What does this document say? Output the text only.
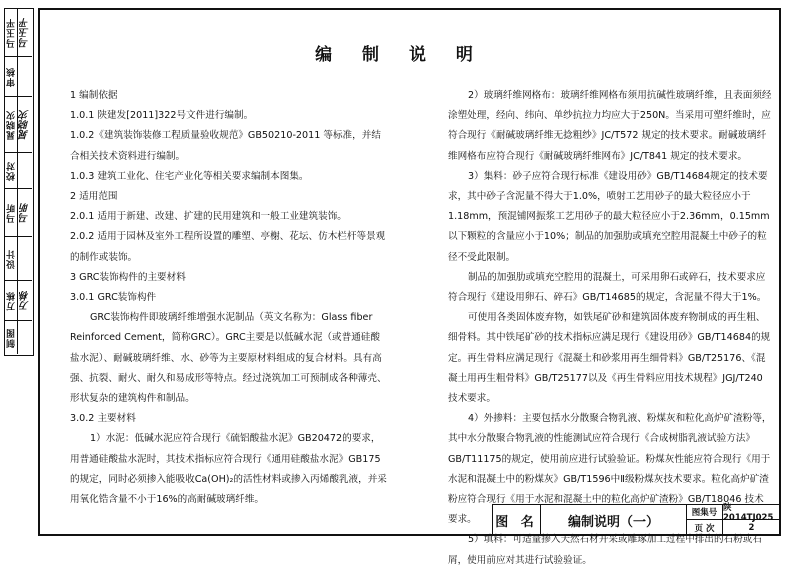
马玉平 马玉平
审核
晁晓灾 晁晓灾
校对
马昕 马昕
设计
万栋 万栋
制图
编 制 说 明

1 编制依据

1.0.1 陕建发[2011]322号文件进行编制。

1.0.2《建筑装饰装修工程质量验收规范》GB50210-2011 等标准，并结合相关技术资料进行编制。

1.0.3 建筑工业化、住宅产业化等相关要求编制本图集。

2 适用范围

2.0.1 适用于新建、改建、扩建的民用建筑和一般工业建筑装饰。

2.0.2 适用于园林及室外工程所设置的雕塑、亭榭、花坛、仿木栏杆等景观的制作或装饰。

3 GRC装饰构件的主要材料

3.0.1 GRC装饰构件

GRC装饰构件即玻璃纤维增强水泥制品（英文名称为：Glass fiber Reinforced Cement，简称GRC）。GRC主要是以低碱水泥（或普通硅酸盐水泥）、耐碱玻璃纤维、水、砂等为主要原材料组成的复合材料。具有高强、抗裂、耐火、耐久和易成形等特点。经过浇筑加工可预制成各种薄壳、形状复杂的建筑构件和制品。

3.0.2 主要材料

1）水泥：低碱水泥应符合现行《硫铝酸盐水泥》GB20472的要求，用普通硅酸盐水泥时，其技术指标应符合现行《通用硅酸盐水泥》GB175的规定，同时必须掺入能吸收Ca(OH)₂的活性材料或掺入丙烯酸乳液，并采用氧化锆含量不小于16%的高耐碱玻璃纤维。

2）玻璃纤维网格布：玻璃纤维网格布须用抗碱性玻璃纤维，且表面须经涂塑处理，经向、纬向、单纱抗拉力均应大于250N。当采用可塑纤维时，应符合现行《耐碱玻璃纤维无捻粗纱》JC/T572 规定的技术要求。耐碱玻璃纤维网格布应符合现行《耐碱玻璃纤维网布》JC/T841 规定的技术要求。

3）集料：砂子应符合现行标准《建设用砂》GB/T14684规定的技术要求，其中砂子含泥量不得大于1.0%，喷射工艺用砂子的最大粒径应小于1.18mm，预混铺网振浆工艺用砂子的最大粒径应小于2.36mm，0.15mm 以下颗粒的含量应小于10%；制品的加强肋或填充空腔用混凝土中砂子的粒径不受此限制。

制品的加强肋或填充空腔用的混凝土，可采用卵石或碎石，技术要求应符合现行《建设用卵石、碎石》GB/T14685的规定，含泥量不得大于1%。

可使用各类固体废弃物，如铁尾矿砂和建筑固体废弃物制成的再生粗、细骨料。其中铁尾矿砂的技术指标应满足现行《建设用砂》GB/T14684的规定。再生骨料应满足现行《混凝土和砂浆用再生细骨料》GB/T25176、《混凝土用再生粗骨料》GB/T25177以及《再生骨料应用技术规程》JGJ/T240技术要求。

4）外掺料：主要包括水分散聚合物乳液、粉煤灰和粒化高炉矿渣粉等，其中水分散聚合物乳液的性能测试应符合现行《合成树脂乳液试验方法》GB/T11175的规定，使用前应进行试验验证。粉煤灰性能应符合现行《用于水泥和混凝土中的粉煤灰》GB/T1596中Ⅱ级粉煤灰技术要求。粒化高炉矿渣粉应符合现行《用于水泥和混凝土中的粒化高炉矿渣粉》GB/T18046 技术要求。

5）填料：可适量掺入天然石材开采或雕琢加工过程中排出的石粉或石屑，使用前应对其进行试验验证。

图 名	编制说明（一）
图集号 陕2014TJ025
页 次	2
